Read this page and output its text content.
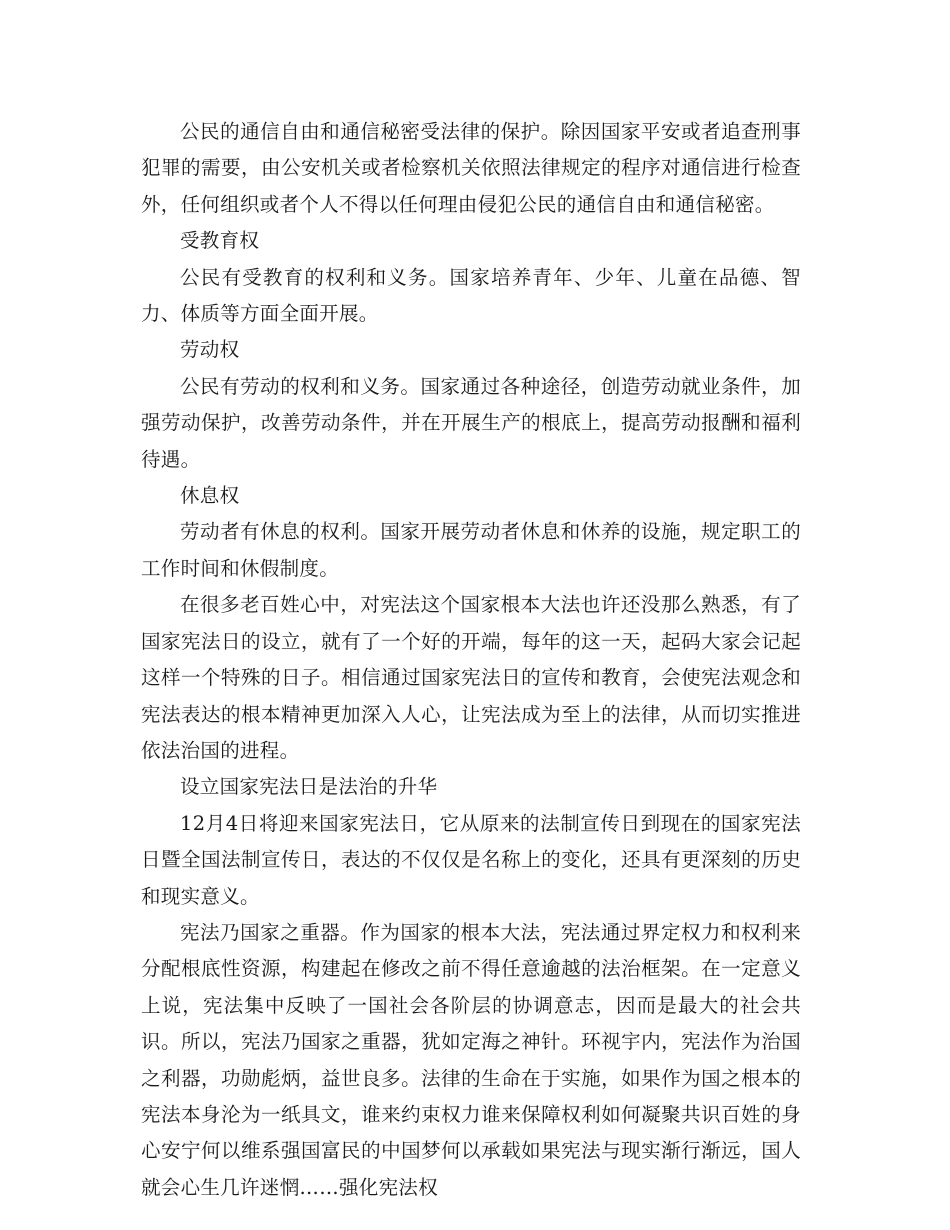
公民的通信自由和通信秘密受法律的保护。除因国家平安或者追查刑事犯罪的需要，由公安机关或者检察机关依照法律规定的程序对通信进行检查外，任何组织或者个人不得以任何理由侵犯公民的通信自由和通信秘密。

受教育权

公民有受教育的权利和义务。国家培养青年、少年、儿童在品德、智力、体质等方面全面开展。

劳动权

公民有劳动的权利和义务。国家通过各种途径，创造劳动就业条件，加强劳动保护，改善劳动条件，并在开展生产的根底上，提高劳动报酬和福利待遇。

休息权

劳动者有休息的权利。国家开展劳动者休息和休养的设施，规定职工的工作时间和休假制度。

在很多老百姓心中，对宪法这个国家根本大法也许还没那么熟悉，有了国家宪法日的设立，就有了一个好的开端，每年的这一天，起码大家会记起这样一个特殊的日子。相信通过国家宪法日的宣传和教育，会使宪法观念和宪法表达的根本精神更加深入人心，让宪法成为至上的法律，从而切实推进依法治国的进程。

设立国家宪法日是法治的升华

12月4日将迎来国家宪法日，它从原来的法制宣传日到现在的国家宪法日暨全国法制宣传日，表达的不仅仅是名称上的变化，还具有更深刻的历史和现实意义。

宪法乃国家之重器。作为国家的根本大法，宪法通过界定权力和权利来分配根底性资源，构建起在修改之前不得任意逾越的法治框架。在一定意义上说，宪法集中反映了一国社会各阶层的协调意志，因而是最大的社会共识。所以，宪法乃国家之重器，犹如定海之神针。环视宇内，宪法作为治国之利器，功勋彪炳，益世良多。法律的生命在于实施，如果作为国之根本的宪法本身沦为一纸具文，谁来约束权力谁来保障权利如何凝聚共识百姓的身心安宁何以维系强国富民的中国梦何以承载如果宪法与现实渐行渐远，国人就会心生几许迷惘……强化宪法权
